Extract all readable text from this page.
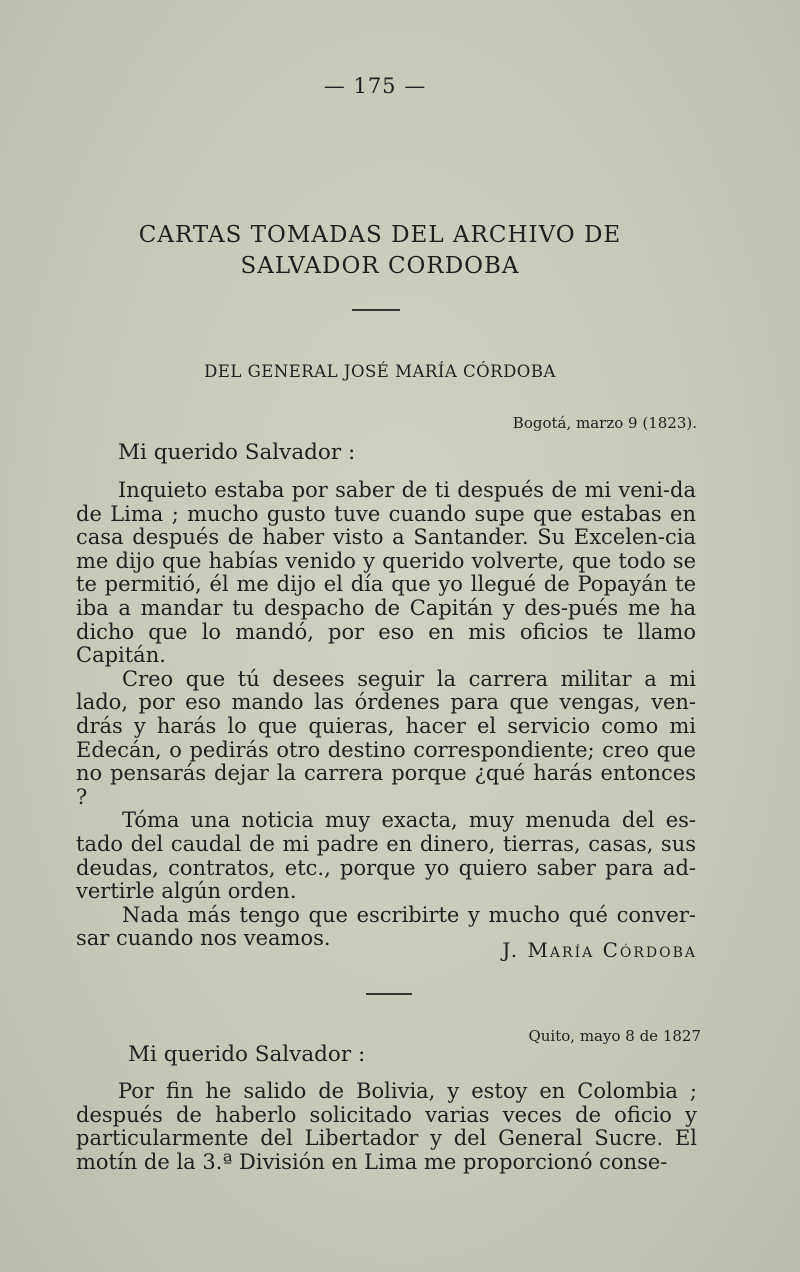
— 175 —
CARTAS TOMADAS DEL ARCHIVO DE
SALVADOR CORDOBA
DEL GENERAL JOSÉ MARÍA CÓRDOBA
Bogotá, marzo 9 (1823).
Mi querido Salvador :

Inquieto estaba por saber de ti después de mi veni-da de Lima ; mucho gusto tuve cuando supe que estabas en casa después de haber visto a Santander. Su Excelen-cia me dijo que habías venido y querido volverte, que todo se te permitió, él me dijo el día que yo llegué de Popayán te iba a mandar tu despacho de Capitán y des-pués me ha dicho que lo mandó, por eso en mis oficios te llamo Capitán.

Creo que tú desees seguir la carrera militar a mi lado, por eso mando las órdenes para que vengas, ven-drás y harás lo que quieras, hacer el servicio como mi Edecán, o pedirás otro destino correspondiente; creo que no pensarás dejar la carrera porque ¿qué harás entonces ?

Tóma una noticia muy exacta, muy menuda del es-tado del caudal de mi padre en dinero, tierras, casas, sus deudas, contratos, etc., porque yo quiero saber para ad-vertirle algún orden.

Nada más tengo que escribirte y mucho qué conver-sar cuando nos veamos.	J. María Córdoba
Quito, mayo 8 de 1827
Mi querido Salvador :

Por fin he salido de Bolivia, y estoy en Colombia ; después de haberlo solicitado varias veces de oficio y particularmente del Libertador y del General Sucre. El motín de la 3.ª División en Lima me proporcionó conse-
